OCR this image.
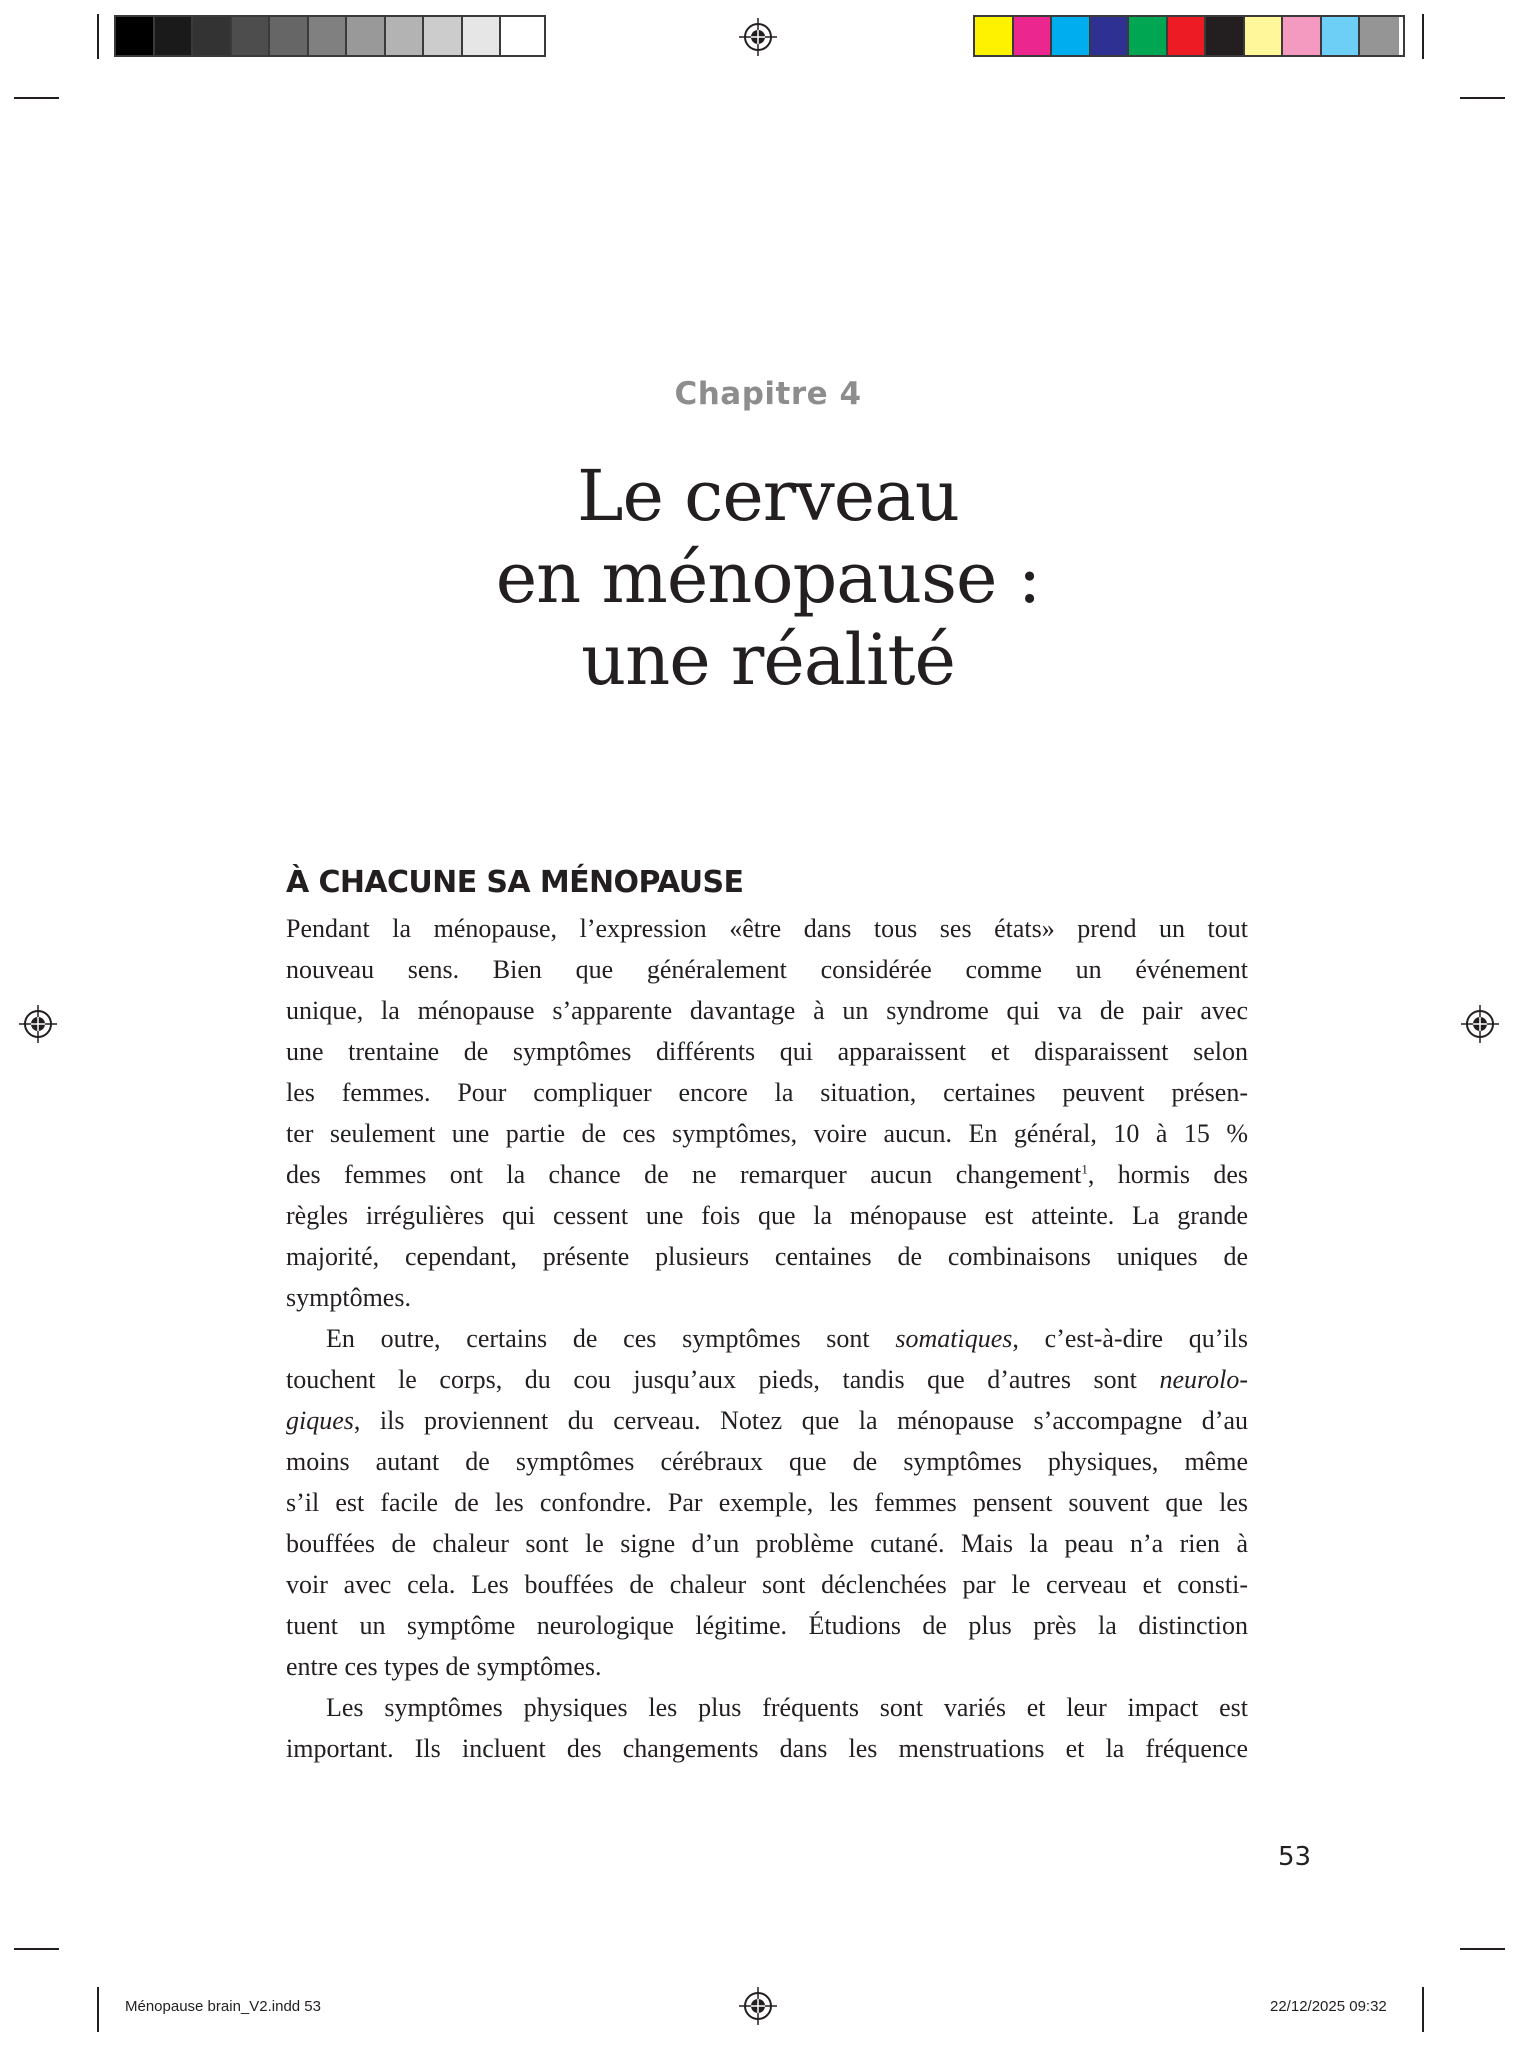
Chapitre 4
Le cerveau
en ménopause :
une réalité
À CHACUNE SA MÉNOPAUSE
Pendant la ménopause, l’expression «être dans tous ses états» prend un tout
nouveau sens. Bien que généralement considérée comme un événement
unique, la ménopause s’apparente davantage à un syndrome qui va de pair avec
une trentaine de symptômes différents qui apparaissent et disparaissent selon
les femmes. Pour compliquer encore la situation, certaines peuvent présen-
ter seulement une partie de ces symptômes, voire aucun. En général, 10 à 15 %
des femmes ont la chance de ne remarquer aucun changement$^1$, hormis des
règles irrégulières qui cessent une fois que la ménopause est atteinte. La grande
majorité, cependant, présente plusieurs centaines de combinaisons uniques de
symptômes.
En outre, certains de ces symptômes sont somatiques, c’est-à-dire qu’ils
touchent le corps, du cou jusqu’aux pieds, tandis que d’autres sont neurolo-
giques, ils proviennent du cerveau. Notez que la ménopause s’accompagne d’au
moins autant de symptômes cérébraux que de symptômes physiques, même
s’il est facile de les confondre. Par exemple, les femmes pensent souvent que les
bouffées de chaleur sont le signe d’un problème cutané. Mais la peau n’a rien à
voir avec cela. Les bouffées de chaleur sont déclenchées par le cerveau et consti-
tuent un symptôme neurologique légitime. Étudions de plus près la distinction
entre ces types de symptômes.
Les symptômes physiques les plus fréquents sont variés et leur impact est
important. Ils incluent des changements dans les menstruations et la fréquence
53
Ménopause brain_V2.indd 53	22/12/2025 09:32
